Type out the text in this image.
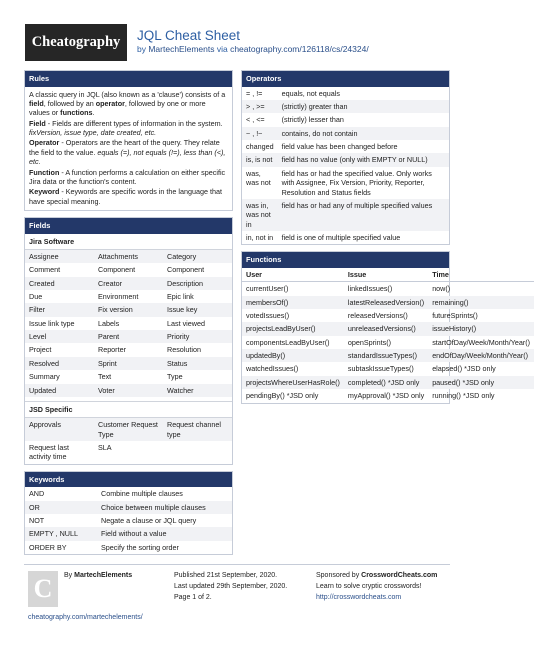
Cheatography	JQL Cheat Sheet
by MartechElements via cheatography.com/126118/cs/24324/
Rules

A classic query in JQL (also known as a 'clause') consists of a field, followed by an operator, followed by one or more values or functions.

Field - Fields are different types of information in the system. fixVersion, issue type, date created, etc.

Operator - Operators are the heart of the query. They relate the field to the value. equals (=), not equals (!=), less than (<), etc.

Function - A function performs a calculation on either specific Jira data or the function's content.

Keyword - Keywords are specific words in the language that have special meaning.

Fields
Jira Software
Assignee	Attachments	Category
Comment	Component	Component
Created	Creator	Description
Due	Environment	Epic link
Filter	Fix version	Issue key
Issue link type	Labels	Last viewed
Level	Parent	Priority
Project	Reporter	Resolution
Resolved	Sprint	Status
Summary	Text	Type
Updated	Voter	Watcher
JSD Specific
Approvals	Customer Request Type	Request channel type
Request last activity time	SLA	
Keywords
AND	Combine multiple clauses
OR	Choice between multiple clauses
NOT	Negate a clause or JQL query
EMPTY , NULL	Field without a value
ORDER BY	Specify the sorting order
Operators
= , !=	equals, not equals
> , >=	(strictly) greater than
< , <=	(strictly) lesser than
~ , !~	contains, do not contain
changed	field value has been changed before
is, is not	field has no value (only with EMPTY or NULL)
was, was not	field has or had the specified value. Only works with Assignee, Fix Version, Priority, Reporter, Resolution and Status fields
was in, was not in	field has or had any of multiple specified values
in, not in	field is one of multiple specified value
Functions
User	Issue	Time
currentUser()	linkedIssues()	now()
membersOf()	latestReleasedVersion()	remaining()
votedIssues()	releasedVersions()	futureSprints()
projectsLeadByUser()	unreleasedVersions()	issueHistory()
componentsLeadByUser()	openSprints()	startOfDay/Week/Month/Year()
updatedBy()	standardIssueTypes()	endOfDay/Week/Month/Year()
watchedIssues()	subtaskIssueTypes()	elapsed() *JSD only
projectsWhereUserHasRole()	completed() *JSD only	paused() *JSD only
pendingBy() *JSD only	myApproval() *JSD only	running() *JSD only
C	By MartechElements
cheatography.com/martechelements/
Published 21st September, 2020.
Last updated 29th September, 2020.
Page 1 of 2.
Sponsored by CrosswordCheats.com
Learn to solve cryptic crosswords!
http://crosswordcheats.com
